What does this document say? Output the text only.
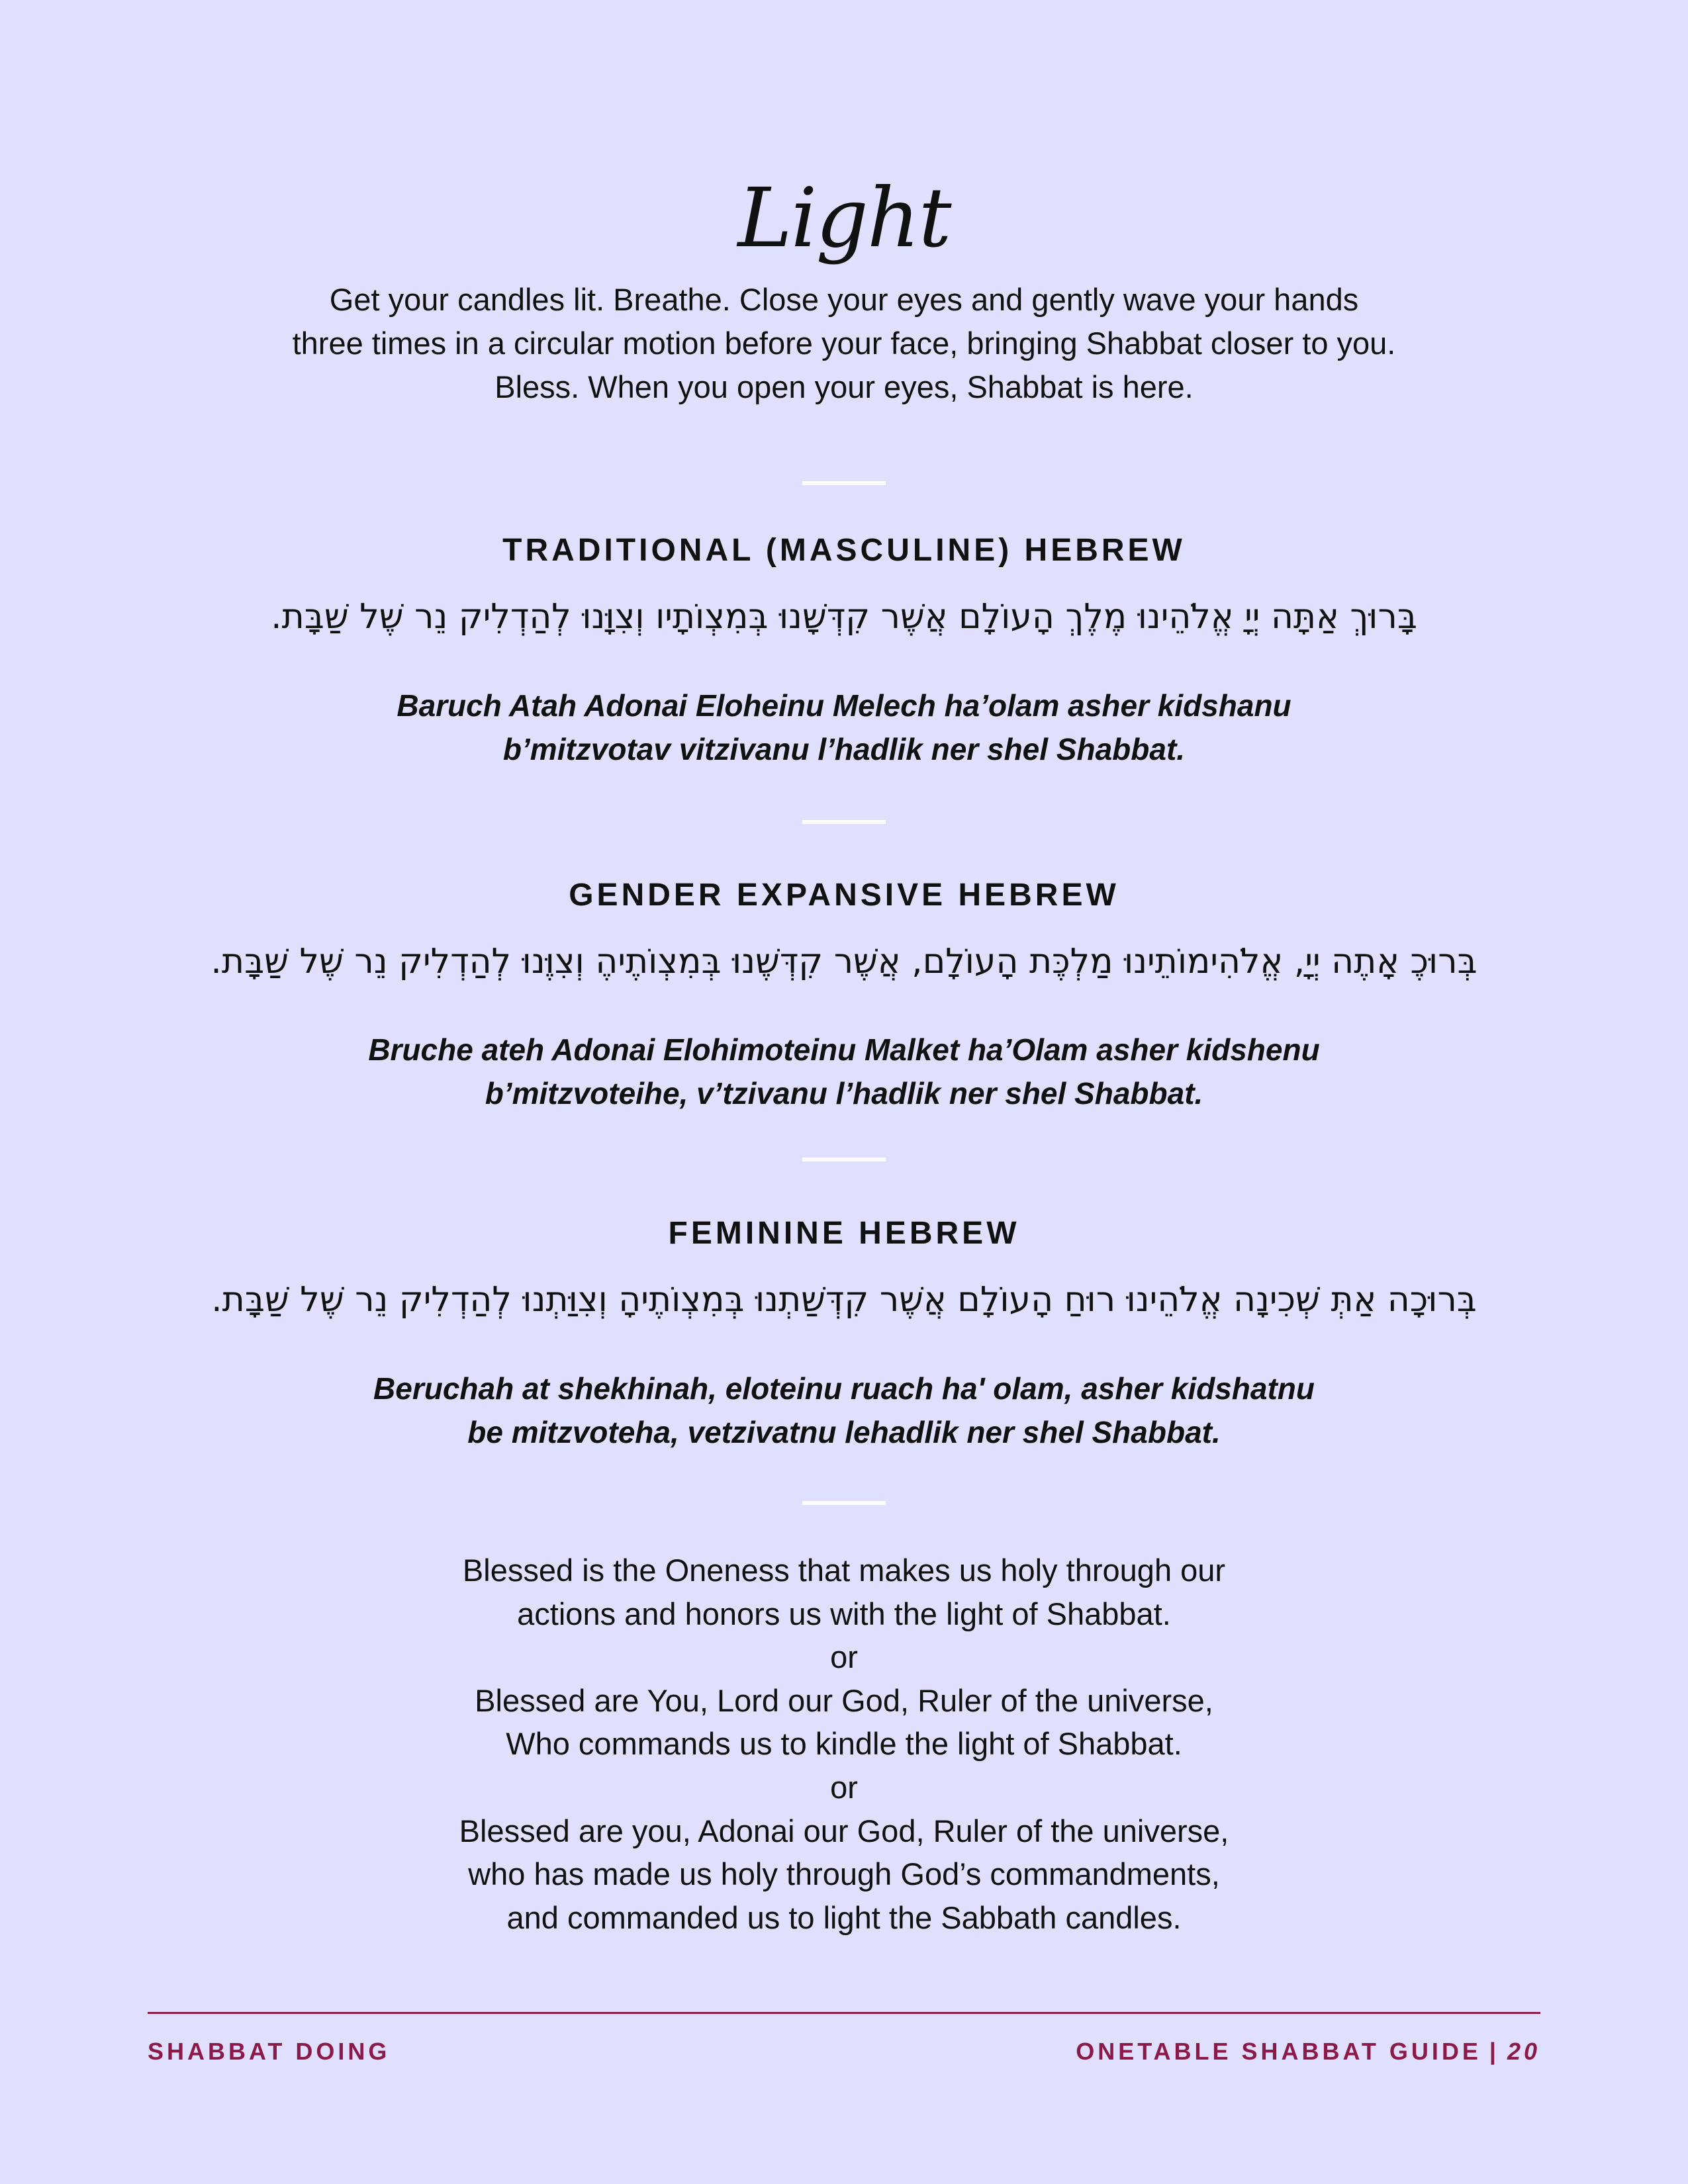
Light
Get your candles lit. Breathe. Close your eyes and gently wave your hands
three times in a circular motion before your face, bringing Shabbat closer to you.
Bless. When you open your eyes, Shabbat is here.
TRADITIONAL (MASCULINE) HEBREW
בָּרוּךְ אַתָּה יְיָ אֱלֹהֵינוּ מֶלֶךְ הָעוֹלָם אֲשֶׁר קִדְּשָׁנוּ בְּמִצְוֹתָיו וְצִוָּנוּ לְהַדְלִיק נֵר שֶׁל שַׁבָּת.
Baruch Atah Adonai Eloheinu Melech ha’olam asher kidshanu
b’mitzvotav vitzivanu l’hadlik ner shel Shabbat.
GENDER EXPANSIVE HEBREW
בְּרוּכֶ אָתֶה יְיָ, אֱלֹהִימוֹתֵינוּ מַלְכֶּת הָעוֹלָם, אֲשֶׁר קִדְּשֶׁנוּ בְּמִצְוֹתֶיהֶ וְצִוֶּנוּ לְהַדְלִיק נֵר שֶׁל שַׁבָּת.
Bruche ateh Adonai Elohimoteinu Malket ha’Olam asher kidshenu
b’mitzvoteihe, v’tzivanu l’hadlik ner shel Shabbat.
FEMININE HEBREW
בְּרוּכָה אַתְּ שְׁכִינָה אֱלֹהֵינוּ רוּחַ הָעוֹלָם אֲשֶׁר קִדְּשַׁתְנוּ בְּמִצְוֹתֶיהָ וְצִוַּתְנוּ לְהַדְלִיק נֵר שֶׁל שַׁבָּת.
Beruchah at shekhinah, eloteinu ruach ha' olam, asher kidshatnu
be mitzvoteha, vetzivatnu lehadlik ner shel Shabbat.
Blessed is the Oneness that makes us holy through our
actions and honors us with the light of Shabbat.
or
Blessed are You, Lord our God, Ruler of the universe,
Who commands us to kindle the light of Shabbat.
or
Blessed are you, Adonai our God, Ruler of the universe,
who has made us holy through God’s commandments,
and commanded us to light the Sabbath candles.
SHABBAT DOING	ONETABLE SHABBAT GUIDE | 20
